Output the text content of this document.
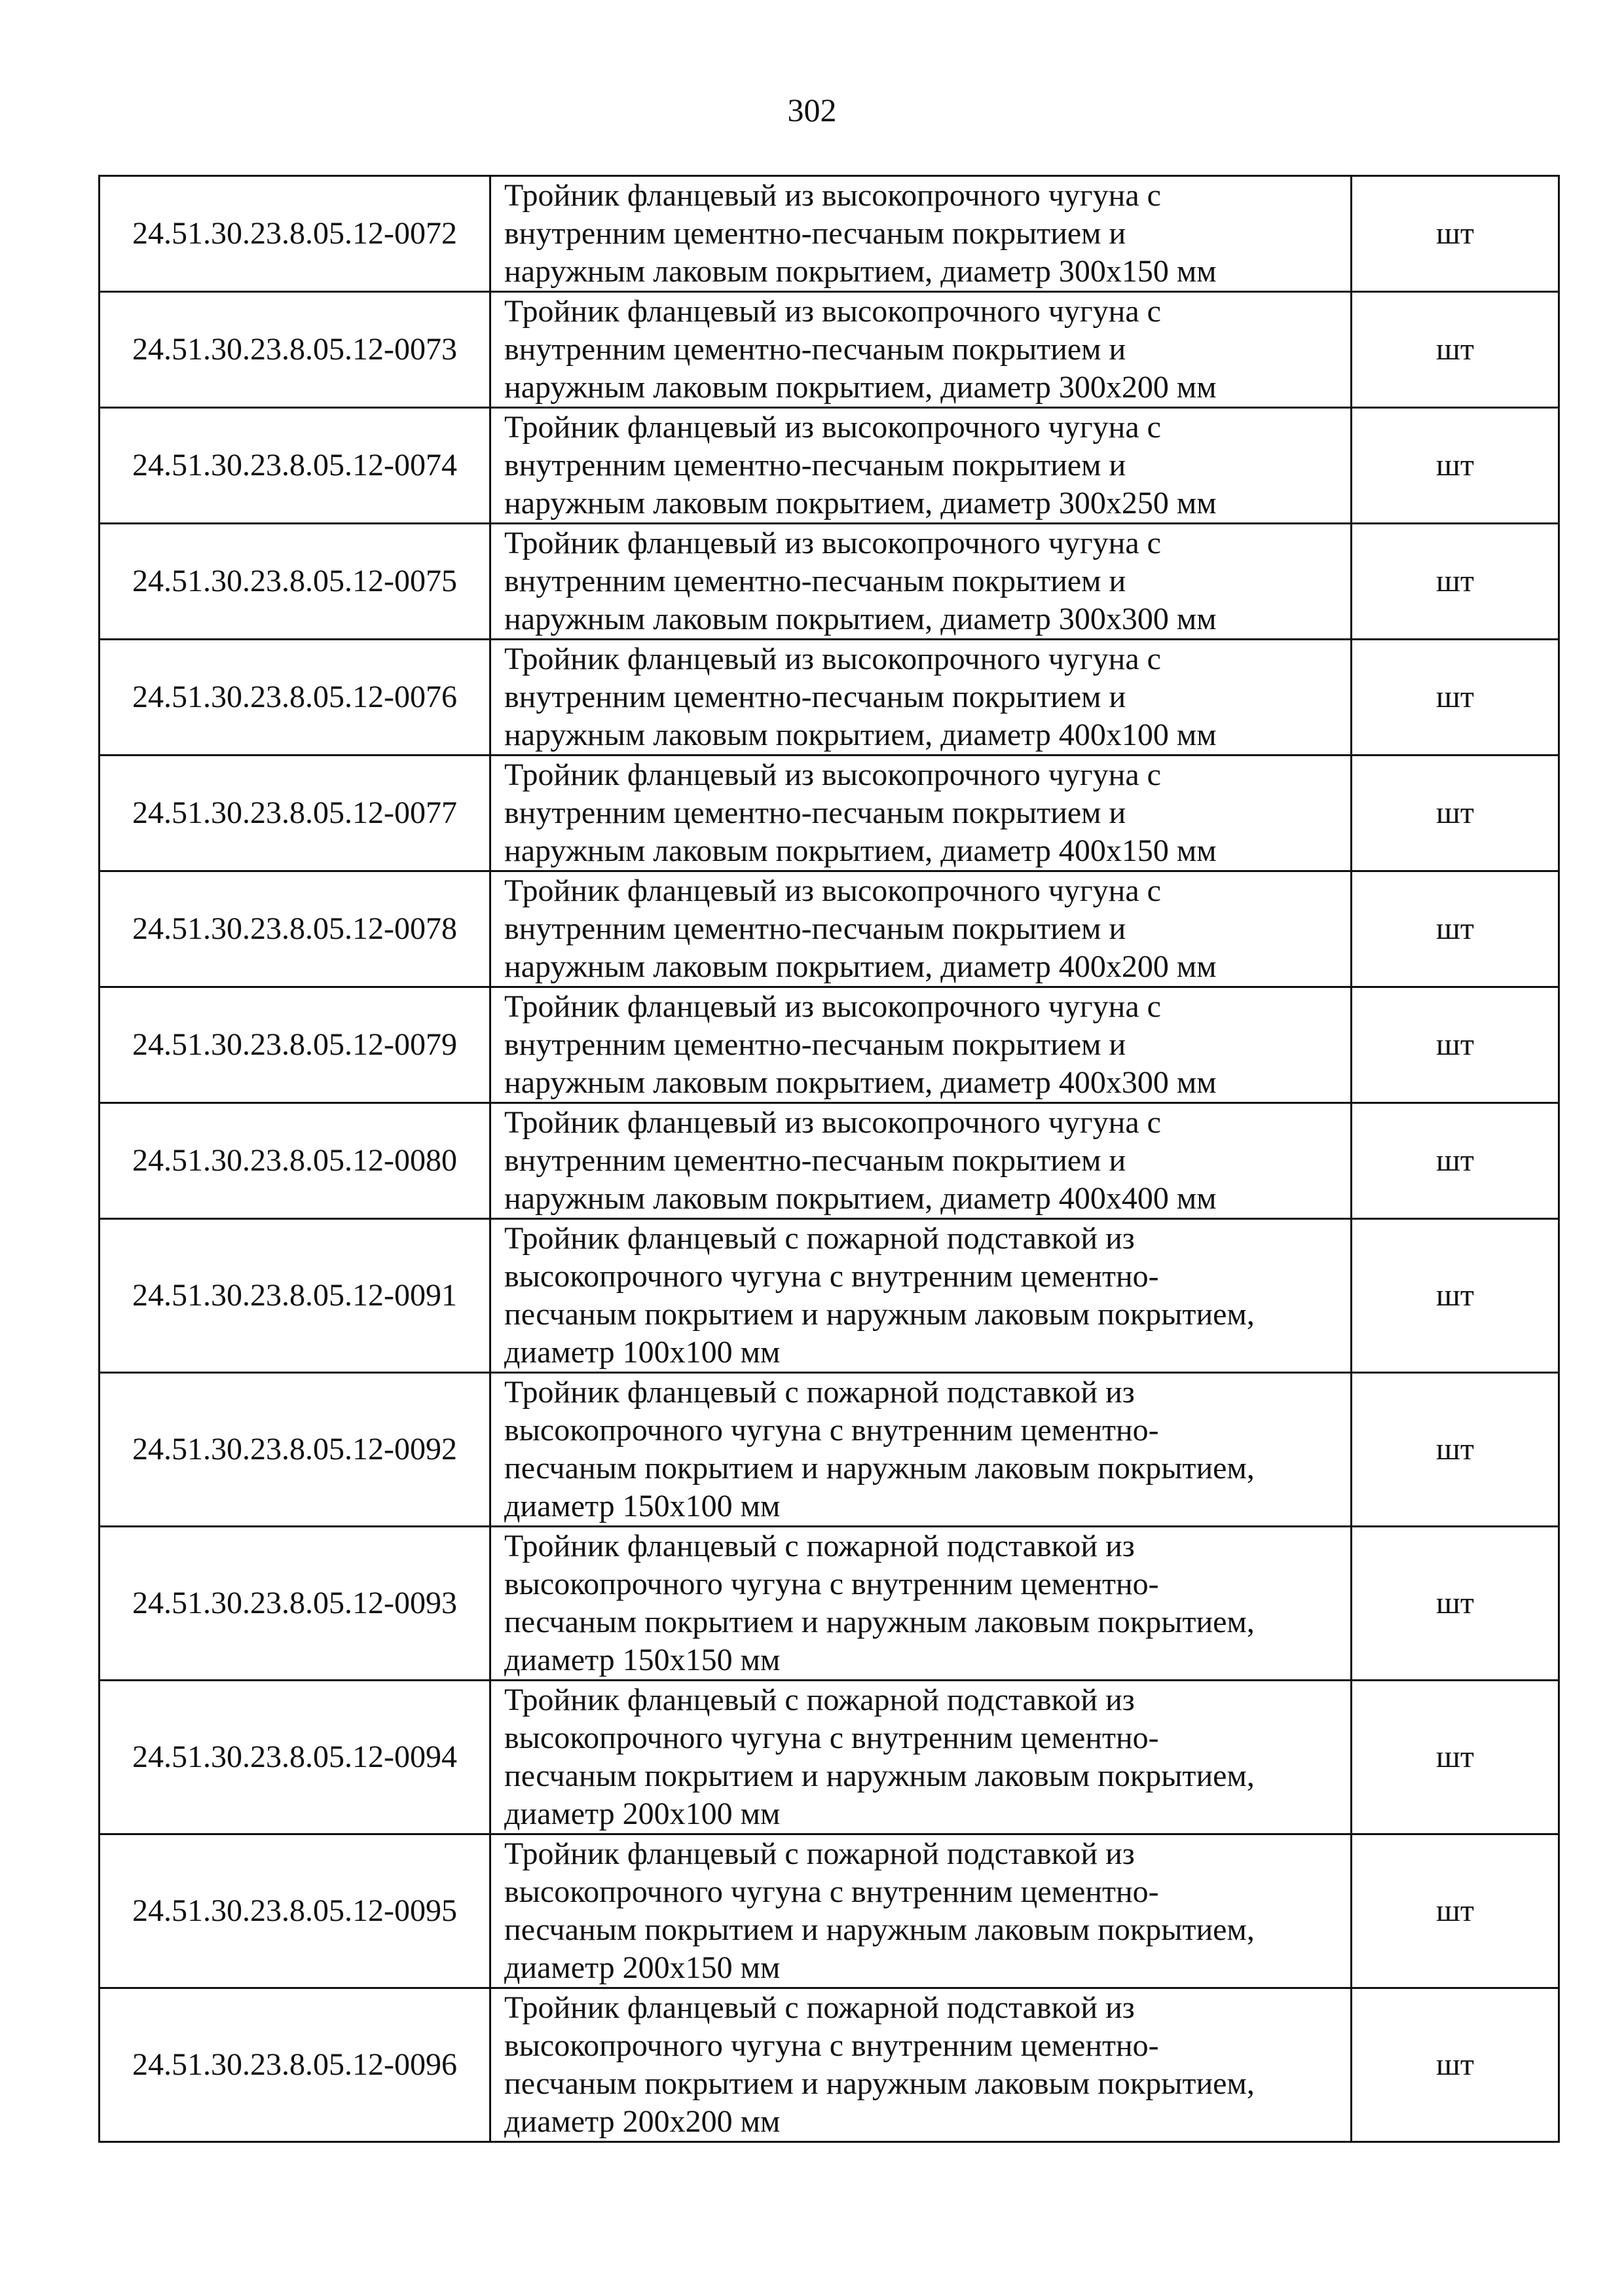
302
24.51.30.23.8.05.12-0072	Тройник фланцевый из высокопрочного чугуна с
внутренним цементно-песчаным покрытием и
наружным лаковым покрытием, диаметр 300х150 мм	шт
24.51.30.23.8.05.12-0073	Тройник фланцевый из высокопрочного чугуна с
внутренним цементно-песчаным покрытием и
наружным лаковым покрытием, диаметр 300х200 мм	шт
24.51.30.23.8.05.12-0074	Тройник фланцевый из высокопрочного чугуна с
внутренним цементно-песчаным покрытием и
наружным лаковым покрытием, диаметр 300х250 мм	шт
24.51.30.23.8.05.12-0075	Тройник фланцевый из высокопрочного чугуна с
внутренним цементно-песчаным покрытием и
наружным лаковым покрытием, диаметр 300х300 мм	шт
24.51.30.23.8.05.12-0076	Тройник фланцевый из высокопрочного чугуна с
внутренним цементно-песчаным покрытием и
наружным лаковым покрытием, диаметр 400х100 мм	шт
24.51.30.23.8.05.12-0077	Тройник фланцевый из высокопрочного чугуна с
внутренним цементно-песчаным покрытием и
наружным лаковым покрытием, диаметр 400х150 мм	шт
24.51.30.23.8.05.12-0078	Тройник фланцевый из высокопрочного чугуна с
внутренним цементно-песчаным покрытием и
наружным лаковым покрытием, диаметр 400х200 мм	шт
24.51.30.23.8.05.12-0079	Тройник фланцевый из высокопрочного чугуна с
внутренним цементно-песчаным покрытием и
наружным лаковым покрытием, диаметр 400х300 мм	шт
24.51.30.23.8.05.12-0080	Тройник фланцевый из высокопрочного чугуна с
внутренним цементно-песчаным покрытием и
наружным лаковым покрытием, диаметр 400х400 мм	шт
24.51.30.23.8.05.12-0091	Тройник фланцевый с пожарной подставкой из
высокопрочного чугуна с внутренним цементно-
песчаным покрытием и наружным лаковым покрытием,
диаметр 100х100 мм	шт
24.51.30.23.8.05.12-0092	Тройник фланцевый с пожарной подставкой из
высокопрочного чугуна с внутренним цементно-
песчаным покрытием и наружным лаковым покрытием,
диаметр 150х100 мм	шт
24.51.30.23.8.05.12-0093	Тройник фланцевый с пожарной подставкой из
высокопрочного чугуна с внутренним цементно-
песчаным покрытием и наружным лаковым покрытием,
диаметр 150х150 мм	шт
24.51.30.23.8.05.12-0094	Тройник фланцевый с пожарной подставкой из
высокопрочного чугуна с внутренним цементно-
песчаным покрытием и наружным лаковым покрытием,
диаметр 200х100 мм	шт
24.51.30.23.8.05.12-0095	Тройник фланцевый с пожарной подставкой из
высокопрочного чугуна с внутренним цементно-
песчаным покрытием и наружным лаковым покрытием,
диаметр 200х150 мм	шт
24.51.30.23.8.05.12-0096	Тройник фланцевый с пожарной подставкой из
высокопрочного чугуна с внутренним цементно-
песчаным покрытием и наружным лаковым покрытием,
диаметр 200х200 мм	шт
